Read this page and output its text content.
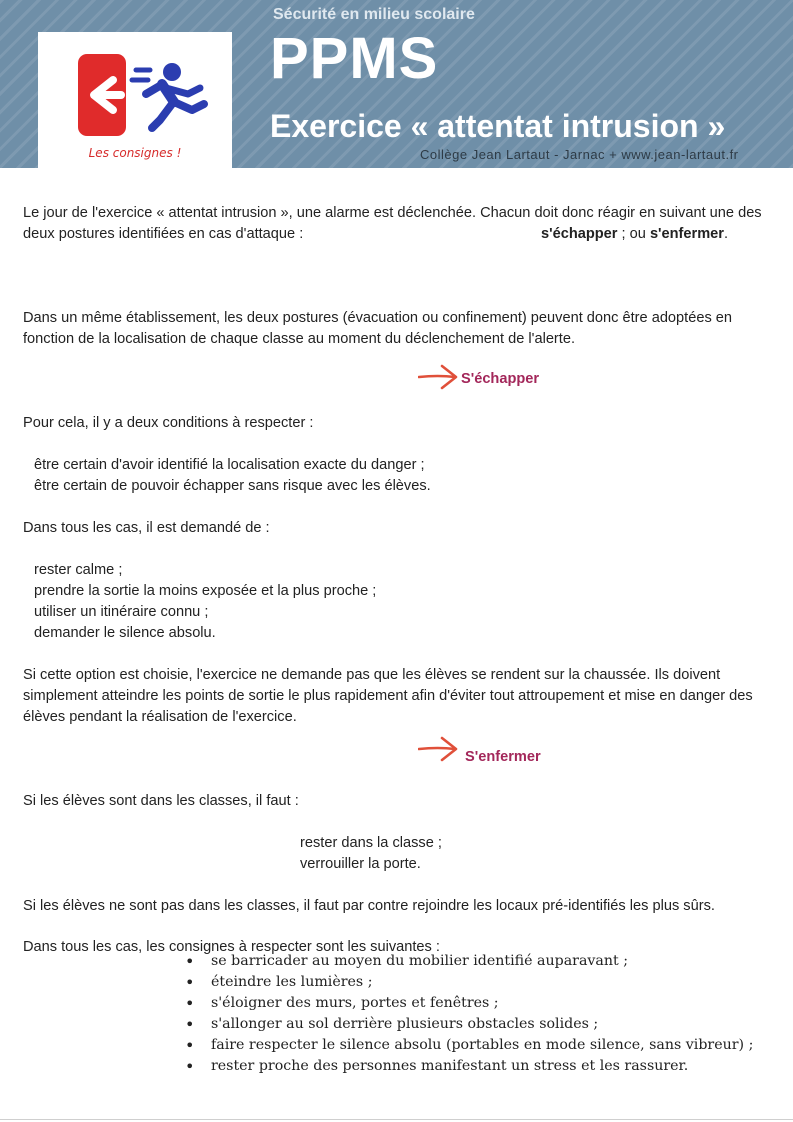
Les consignes !
Sécurité en milieu scolaire
PPMS
Exercice « attentat intrusion »
Collège Jean Lartaut - Jarnac + www.jean-lartaut.fr
Le jour de l'exercice « attentat intrusion », une alarme est déclenchée. Chacun doit donc réagir en suivant une des
deux postures identifiées en cas d'attaque :	s'échapper ; ou s'enfermer.
Dans un même établissement, les deux postures (évacuation ou confinement) peuvent donc être adoptées en
fonction de la localisation de chaque classe au moment du déclenchement de l'alerte.
S'échapper
Pour cela, il y a deux conditions à respecter :
être certain d'avoir identifié la localisation exacte du danger ;
être certain de pouvoir échapper sans risque avec les élèves.
Dans tous les cas, il est demandé de :
rester calme ;
prendre la sortie la moins exposée et la plus proche ;
utiliser un itinéraire connu ;
demander le silence absolu.
Si cette option est choisie, l'exercice ne demande pas que les élèves se rendent sur la chaussée. Ils doivent
simplement atteindre les points de sortie le plus rapidement afin d'éviter tout attroupement et mise en danger des
élèves pendant la réalisation de l'exercice.
S'enfermer
Si les élèves sont dans les classes, il faut :
rester dans la classe ;
verrouiller la porte.
Si les élèves ne sont pas dans les classes, il faut par contre rejoindre les locaux pré-identifiés les plus sûrs.
Dans tous les cas, les consignes à respecter sont les suivantes :
• se barricader au moyen du mobilier identifié auparavant ;
• éteindre les lumières ;
• s'éloigner des murs, portes et fenêtres ;
• s'allonger au sol derrière plusieurs obstacles solides ;
• faire respecter le silence absolu (portables en mode silence, sans vibreur) ;
• rester proche des personnes manifestant un stress et les rassurer.
